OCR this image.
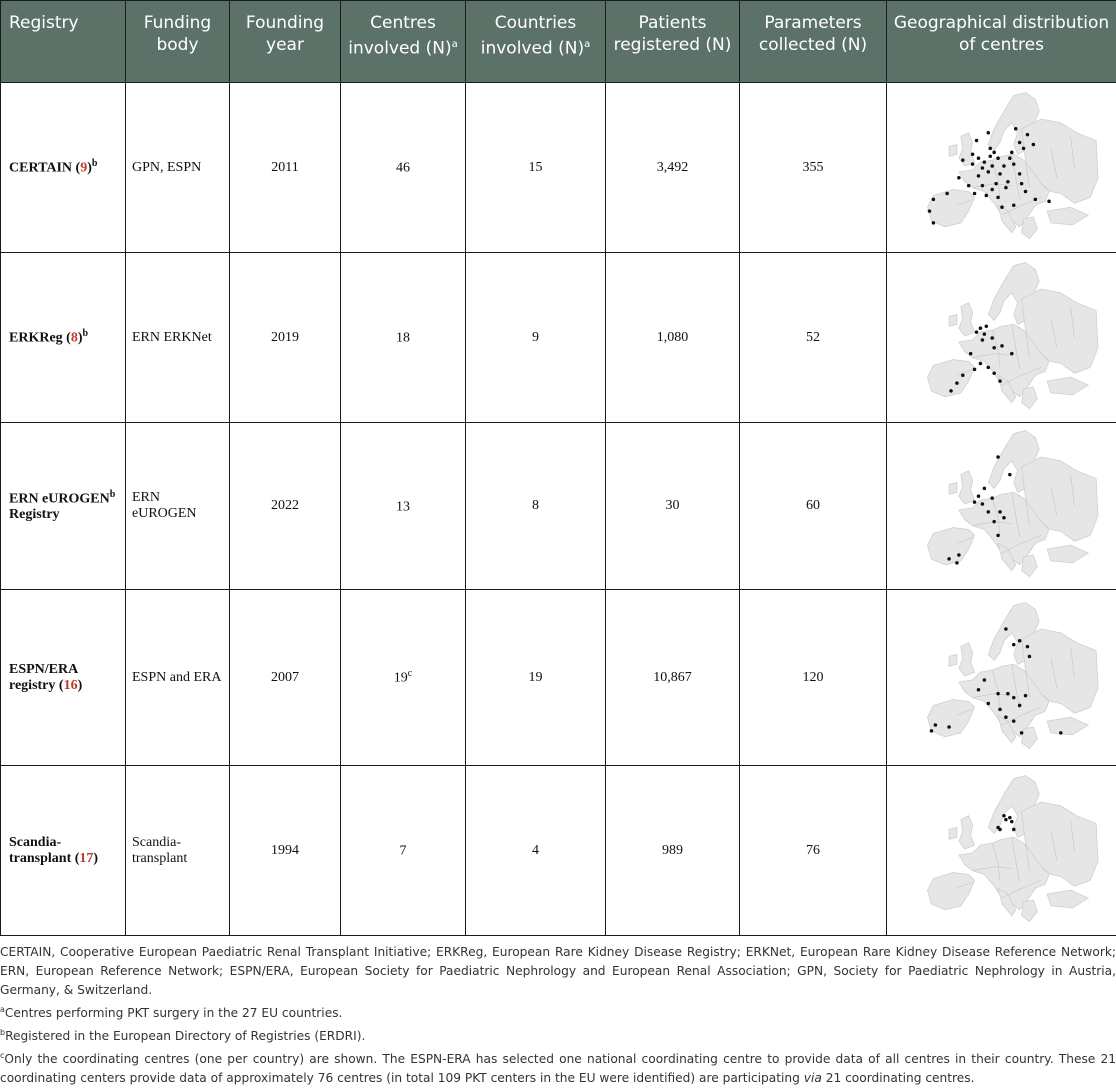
Registry	Funding body	Founding year	Centres involved $(N)^a$	Countries involved $(N)^a$	Patients registered (N)	Parameters collected (N)	Geographical distribution of centres
CERTAIN $(9)^b$	GPN, ESPN	2011	46	15	3,492	355	

ERKReg $(8)^b$	ERN ERKNet	2019	18	9	1,080	52	

ERN eUROGEN$^b$ Registry	ERN eUROGEN	2022	13	8	30	60	

ESPN/ERA registry (16)	ESPN and ERA	2007	19$^c$	19	10,867	120	

Scandia-transplant (17)	Scandia-transplant	1994	7	4	989	76	

CERTAIN, Cooperative European Paediatric Renal Transplant Initiative; ERKReg, European Rare Kidney Disease Registry; ERKNet, European Rare Kidney Disease Reference Network; ERN, European Reference Network; ESPN/ERA, European Society for Paediatric Nephrology and European Renal Association; GPN, Society for Paediatric Nephrology in Austria, Germany, & Switzerland.

$^a$Centres performing PKT surgery in the 27 EU countries.

$^b$Registered in the European Directory of Registries (ERDRI).

$^c$Only the coordinating centres (one per country) are shown. The ESPN-ERA has selected one national coordinating centre to provide data of all centres in their country. These 21 coordinating centers provide data of approximately 76 centres (in total 109 PKT centers in the EU were identified) are participating via 21 coordinating centres.
